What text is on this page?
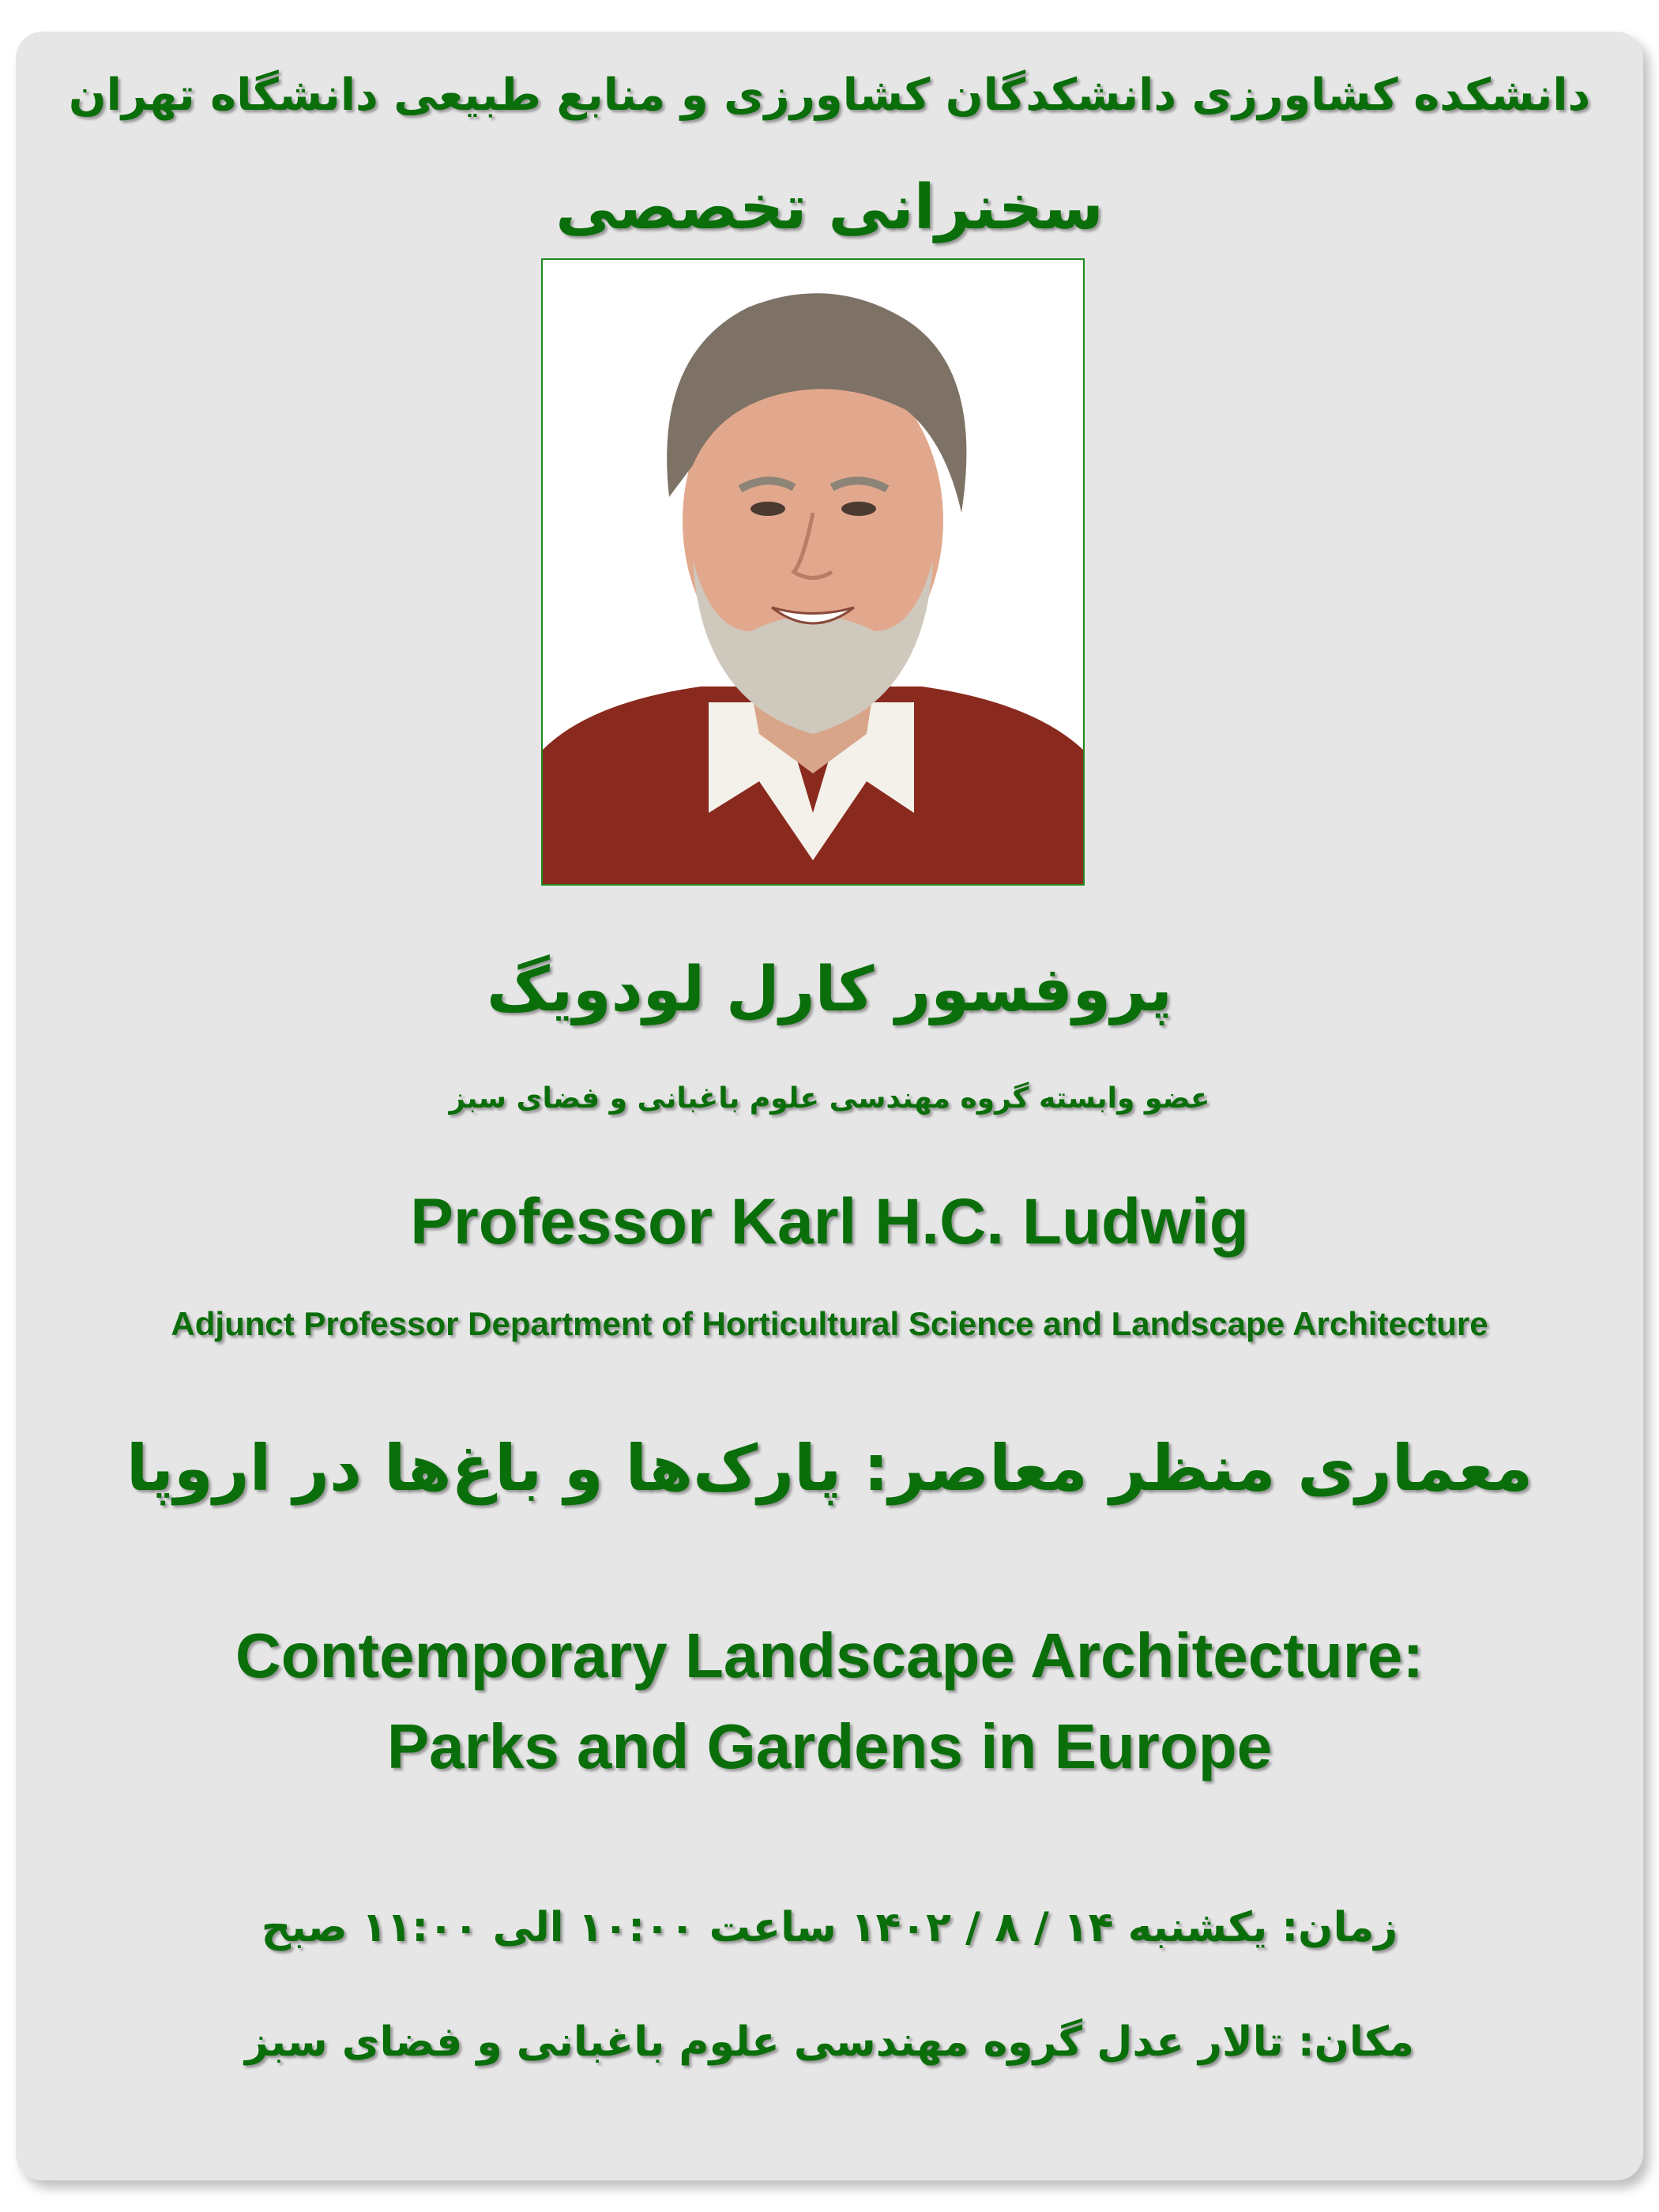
دانشکده کشاورزی دانشکدگان کشاورزی و منابع طبیعی دانشگاه تهران
سخنرانی تخصصی
پروفسور کارل لودویگ
عضو وابسته گروه مهندسی علوم باغبانی و فضای سبز
Professor Karl H.C. Ludwig
Adjunct Professor Department of Horticultural Science and Landscape Architecture
معماری منظر معاصر: پارک‌ها و باغ‌ها در اروپا
Contemporary Landscape Architecture:
Parks and Gardens in Europe
زمان: یکشنبه ۱۴ / ۸ / ۱۴۰۲ ساعت ۱۰:۰۰ الی ۱۱:۰۰ صبح
مکان: تالار عدل گروه مهندسی علوم باغبانی و فضای سبز
